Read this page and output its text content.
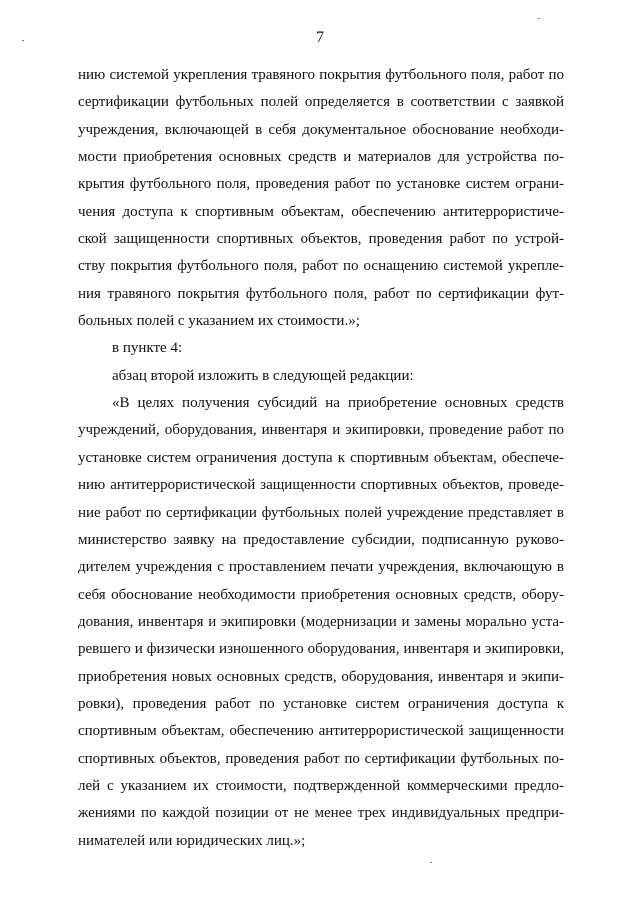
7
нию системой укрепления травяного покрытия футбольного поля, работ по
сертификации футбольных полей определяется в соответствии с заявкой
учреждения, включающей в себя документальное обоснование необходи-
мости приобретения основных средств и материалов для устройства по-
крытия футбольного поля, проведения работ по установке систем ограни-
чения доступа к спортивным объектам, обеспечению антитеррористиче-
ской защищенности спортивных объектов, проведения работ по устрой-
ству покрытия футбольного поля, работ по оснащению системой укрепле-
ния травяного покрытия футбольного поля, работ по сертификации фут-
больных полей с указанием их стоимости.»;
в пункте 4:
абзац второй изложить в следующей редакции:
«В целях получения субсидий на приобретение основных средств
учреждений, оборудования, инвентаря и экипировки, проведение работ по
установке систем ограничения доступа к спортивным объектам, обеспече-
нию антитеррористической защищенности спортивных объектов, проведе-
ние работ по сертификации футбольных полей учреждение представляет в
министерство заявку на предоставление субсидии, подписанную руково-
дителем учреждения с проставлением печати учреждения, включающую в
себя обоснование необходимости приобретения основных средств, обору-
дования, инвентаря и экипировки (модернизации и замены морально уста-
ревшего и физически изношенного оборудования, инвентаря и экипировки,
приобретения новых основных средств, оборудования, инвентаря и экипи-
ровки), проведения работ по установке систем ограничения доступа к
спортивным объектам, обеспечению антитеррористической защищенности
спортивных объектов, проведения работ по сертификации футбольных по-
лей с указанием их стоимости, подтвержденной коммерческими предло-
жениями по каждой позиции от не менее трех индивидуальных предпри-
нимателей или юридических лиц.»;
